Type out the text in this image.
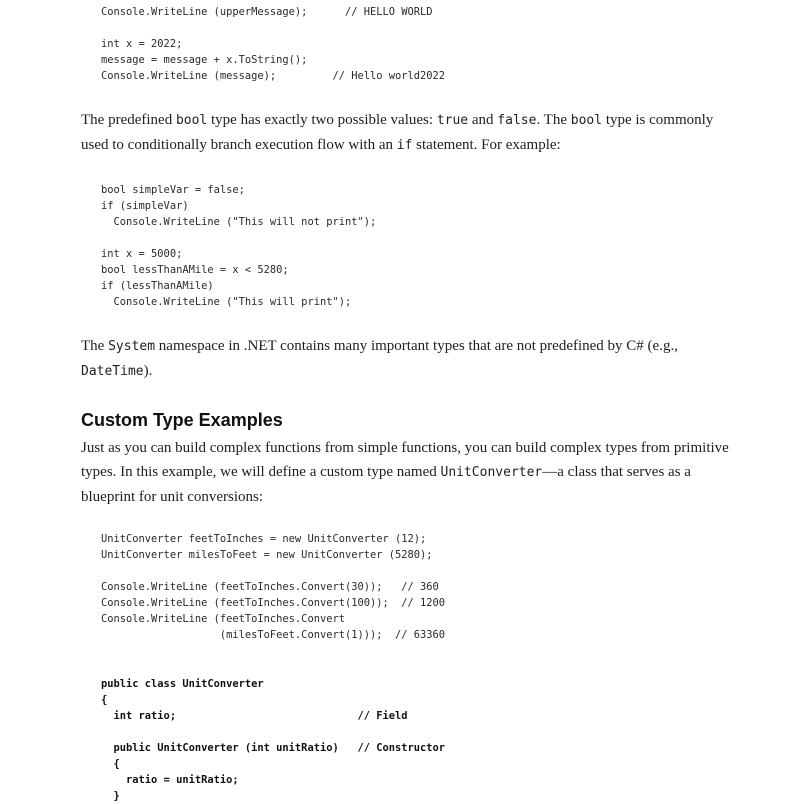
Console.WriteLine (upperMessage);      // HELLO WORLD
int x = 2022;
message = message + x.ToString();
Console.WriteLine (message);         // Hello world2022

The predefined bool type has exactly two possible values: true and false. The bool type is commonly used to conditionally branch execution flow with an if statement. For example:

bool simpleVar = false;
if (simpleVar)
Console.WriteLine ("This will not print");
int x = 5000;
bool lessThanAMile = x < 5280;
if (lessThanAMile)
Console.WriteLine ("This will print");

The System namespace in .NET contains many important types that are not predefined by C# (e.g., DateTime).

Custom Type Examples

Just as you can build complex functions from simple functions, you can build complex types from primitive types. In this example, we will define a custom type named UnitConverter—a class that serves as a blueprint for unit conversions:

UnitConverter feetToInches = new UnitConverter (12);
UnitConverter milesToFeet = new UnitConverter (5280);
Console.WriteLine (feetToInches.Convert(30));   // 360
Console.WriteLine (feetToInches.Convert(100));  // 1200
Console.WriteLine (feetToInches.Convert
(milesToFeet.Convert(1)));  // 63360
public class UnitConverter
{
int ratio;                             // Field
public UnitConverter (int unitRatio)   // Constructor
{
ratio = unitRatio;
}
